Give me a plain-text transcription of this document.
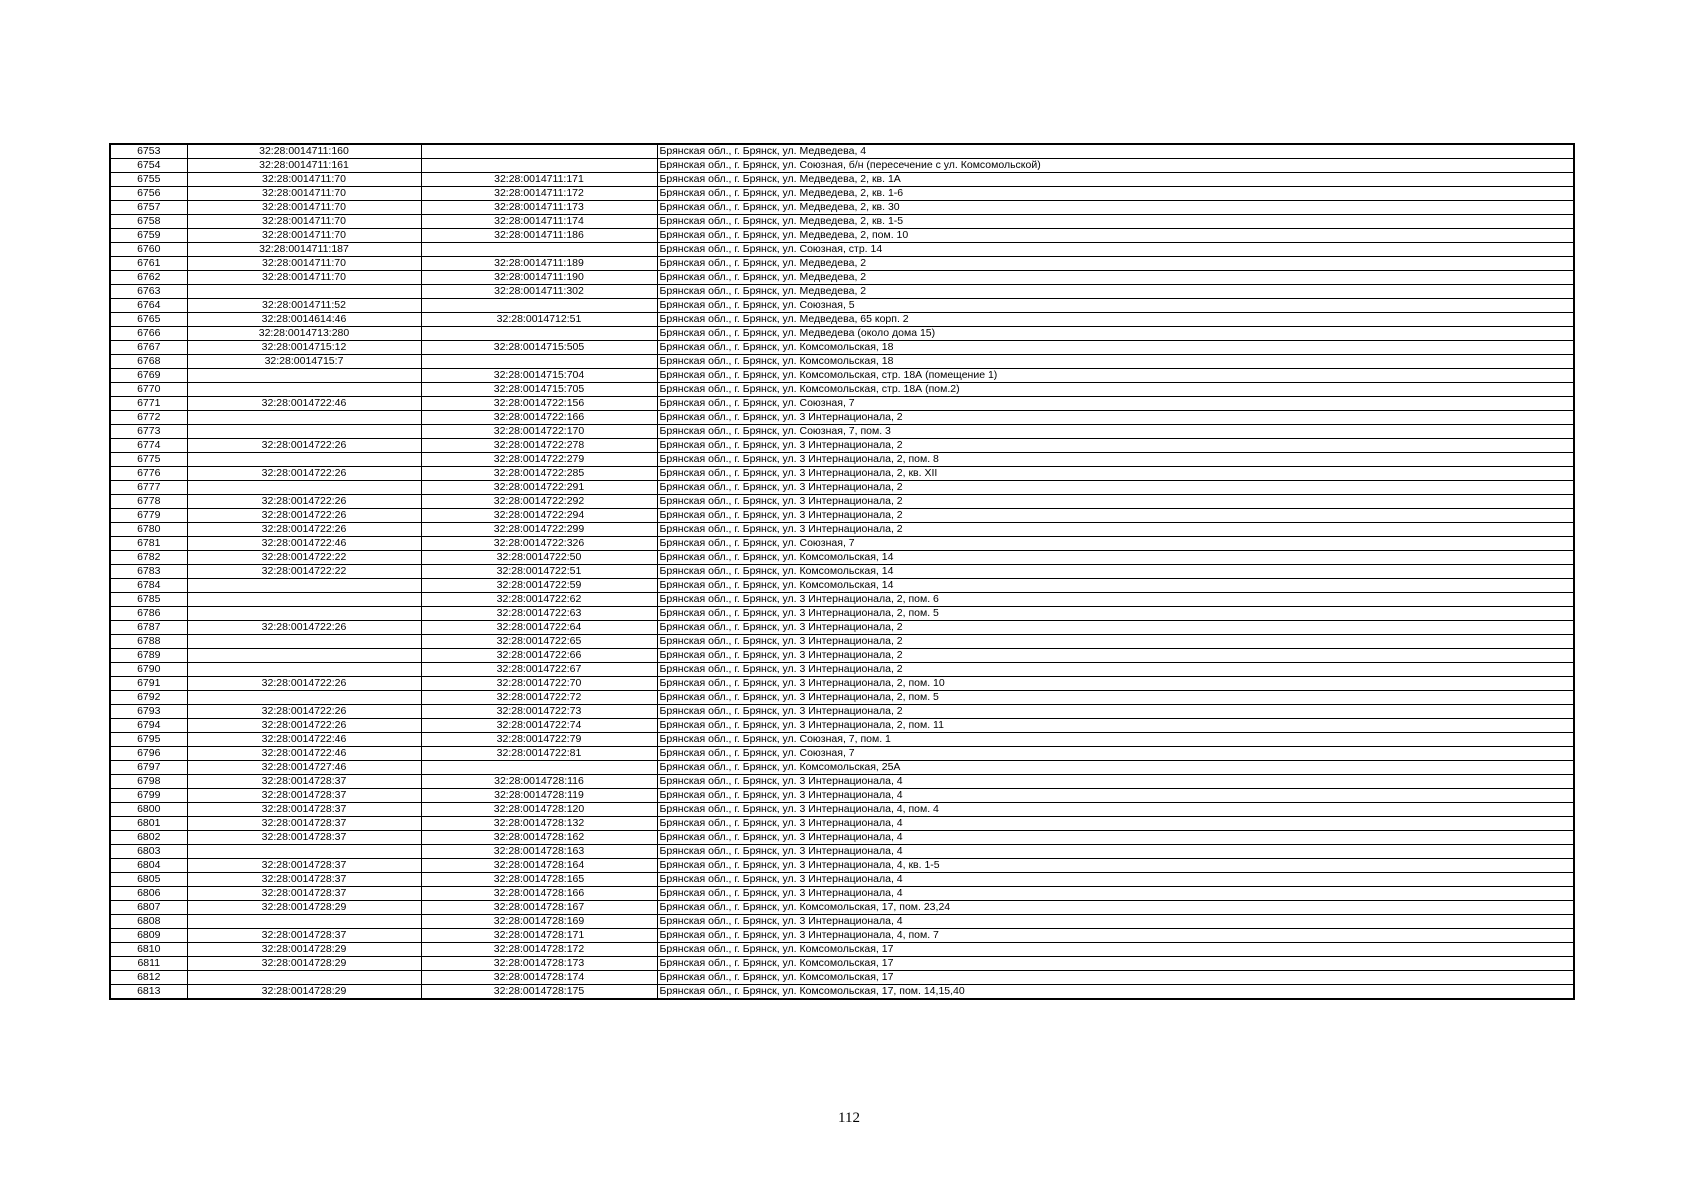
6753	32:28:0014711:160		Брянская обл., г. Брянск, ул. Медведева, 4
6754	32:28:0014711:161		Брянская обл., г. Брянск, ул. Союзная, б/н (пересечение с ул. Комсомольской)
6755	32:28:0014711:70	32:28:0014711:171	Брянская обл., г. Брянск, ул. Медведева, 2, кв. 1А
6756	32:28:0014711:70	32:28:0014711:172	Брянская обл., г. Брянск, ул. Медведева, 2, кв. 1-6
6757	32:28:0014711:70	32:28:0014711:173	Брянская обл., г. Брянск, ул. Медведева, 2, кв. 30
6758	32:28:0014711:70	32:28:0014711:174	Брянская обл., г. Брянск, ул. Медведева, 2, кв. 1-5
6759	32:28:0014711:70	32:28:0014711:186	Брянская обл., г. Брянск, ул. Медведева, 2, пом. 10
6760	32:28:0014711:187		Брянская обл., г. Брянск, ул. Союзная, стр. 14
6761	32:28:0014711:70	32:28:0014711:189	Брянская обл., г. Брянск, ул. Медведева, 2
6762	32:28:0014711:70	32:28:0014711:190	Брянская обл., г. Брянск, ул. Медведева, 2
6763		32:28:0014711:302	Брянская обл., г. Брянск, ул. Медведева, 2
6764	32:28:0014711:52		Брянская обл., г. Брянск, ул. Союзная, 5
6765	32:28:0014614:46	32:28:0014712:51	Брянская обл., г. Брянск, ул. Медведева, 65 корп. 2
6766	32:28:0014713:280		Брянская обл., г. Брянск, ул. Медведева (около дома 15)
6767	32:28:0014715:12	32:28:0014715:505	Брянская обл., г. Брянск, ул. Комсомольская, 18
6768	32:28:0014715:7		Брянская обл., г. Брянск, ул. Комсомольская, 18
6769		32:28:0014715:704	Брянская обл., г. Брянск, ул. Комсомольская, стр. 18А (помещение 1)
6770		32:28:0014715:705	Брянская обл., г. Брянск, ул. Комсомольская, стр. 18А (пом.2)
6771	32:28:0014722:46	32:28:0014722:156	Брянская обл., г. Брянск, ул. Союзная, 7
6772		32:28:0014722:166	Брянская обл., г. Брянск, ул. 3 Интернационала, 2
6773		32:28:0014722:170	Брянская обл., г. Брянск, ул. Союзная, 7, пом. 3
6774	32:28:0014722:26	32:28:0014722:278	Брянская обл., г. Брянск, ул. 3 Интернационала, 2
6775		32:28:0014722:279	Брянская обл., г. Брянск, ул. 3 Интернационала, 2, пом. 8
6776	32:28:0014722:26	32:28:0014722:285	Брянская обл., г. Брянск, ул. 3 Интернационала, 2, кв. XII
6777		32:28:0014722:291	Брянская обл., г. Брянск, ул. 3 Интернационала, 2
6778	32:28:0014722:26	32:28:0014722:292	Брянская обл., г. Брянск, ул. 3 Интернационала, 2
6779	32:28:0014722:26	32:28:0014722:294	Брянская обл., г. Брянск, ул. 3 Интернационала, 2
6780	32:28:0014722:26	32:28:0014722:299	Брянская обл., г. Брянск, ул. 3 Интернационала, 2
6781	32:28:0014722:46	32:28:0014722:326	Брянская обл., г. Брянск, ул. Союзная, 7
6782	32:28:0014722:22	32:28:0014722:50	Брянская обл., г. Брянск, ул. Комсомольская, 14
6783	32:28:0014722:22	32:28:0014722:51	Брянская обл., г. Брянск, ул. Комсомольская, 14
6784		32:28:0014722:59	Брянская обл., г. Брянск, ул. Комсомольская, 14
6785		32:28:0014722:62	Брянская обл., г. Брянск, ул. 3 Интернационала, 2, пом. 6
6786		32:28:0014722:63	Брянская обл., г. Брянск, ул. 3 Интернационала, 2, пом. 5
6787	32:28:0014722:26	32:28:0014722:64	Брянская обл., г. Брянск, ул. 3 Интернационала, 2
6788		32:28:0014722:65	Брянская обл., г. Брянск, ул. 3 Интернационала, 2
6789		32:28:0014722:66	Брянская обл., г. Брянск, ул. 3 Интернационала, 2
6790		32:28:0014722:67	Брянская обл., г. Брянск, ул. 3 Интернационала, 2
6791	32:28:0014722:26	32:28:0014722:70	Брянская обл., г. Брянск, ул. 3 Интернационала, 2, пом. 10
6792		32:28:0014722:72	Брянская обл., г. Брянск, ул. 3 Интернационала, 2, пом. 5
6793	32:28:0014722:26	32:28:0014722:73	Брянская обл., г. Брянск, ул. 3 Интернационала, 2
6794	32:28:0014722:26	32:28:0014722:74	Брянская обл., г. Брянск, ул. 3 Интернационала, 2, пом. 11
6795	32:28:0014722:46	32:28:0014722:79	Брянская обл., г. Брянск, ул. Союзная, 7, пом. 1
6796	32:28:0014722:46	32:28:0014722:81	Брянская обл., г. Брянск, ул. Союзная, 7
6797	32:28:0014727:46		Брянская обл., г. Брянск, ул. Комсомольская, 25А
6798	32:28:0014728:37	32:28:0014728:116	Брянская обл., г. Брянск, ул. 3 Интернационала, 4
6799	32:28:0014728:37	32:28:0014728:119	Брянская обл., г. Брянск, ул. 3 Интернационала, 4
6800	32:28:0014728:37	32:28:0014728:120	Брянская обл., г. Брянск, ул. 3 Интернационала, 4, пом. 4
6801	32:28:0014728:37	32:28:0014728:132	Брянская обл., г. Брянск, ул. 3 Интернационала, 4
6802	32:28:0014728:37	32:28:0014728:162	Брянская обл., г. Брянск, ул. 3 Интернационала, 4
6803		32:28:0014728:163	Брянская обл., г. Брянск, ул. 3 Интернационала, 4
6804	32:28:0014728:37	32:28:0014728:164	Брянская обл., г. Брянск, ул. 3 Интернационала, 4, кв. 1-5
6805	32:28:0014728:37	32:28:0014728:165	Брянская обл., г. Брянск, ул. 3 Интернационала, 4
6806	32:28:0014728:37	32:28:0014728:166	Брянская обл., г. Брянск, ул. 3 Интернационала, 4
6807	32:28:0014728:29	32:28:0014728:167	Брянская обл., г. Брянск, ул. Комсомольская, 17, пом. 23,24
6808		32:28:0014728:169	Брянская обл., г. Брянск, ул. 3 Интернационала, 4
6809	32:28:0014728:37	32:28:0014728:171	Брянская обл., г. Брянск, ул. 3 Интернационала, 4, пом. 7
6810	32:28:0014728:29	32:28:0014728:172	Брянская обл., г. Брянск, ул. Комсомольская, 17
6811	32:28:0014728:29	32:28:0014728:173	Брянская обл., г. Брянск, ул. Комсомольская, 17
6812		32:28:0014728:174	Брянская обл., г. Брянск, ул. Комсомольская, 17
6813	32:28:0014728:29	32:28:0014728:175	Брянская обл., г. Брянск, ул. Комсомольская, 17, пом. 14,15,40
112
